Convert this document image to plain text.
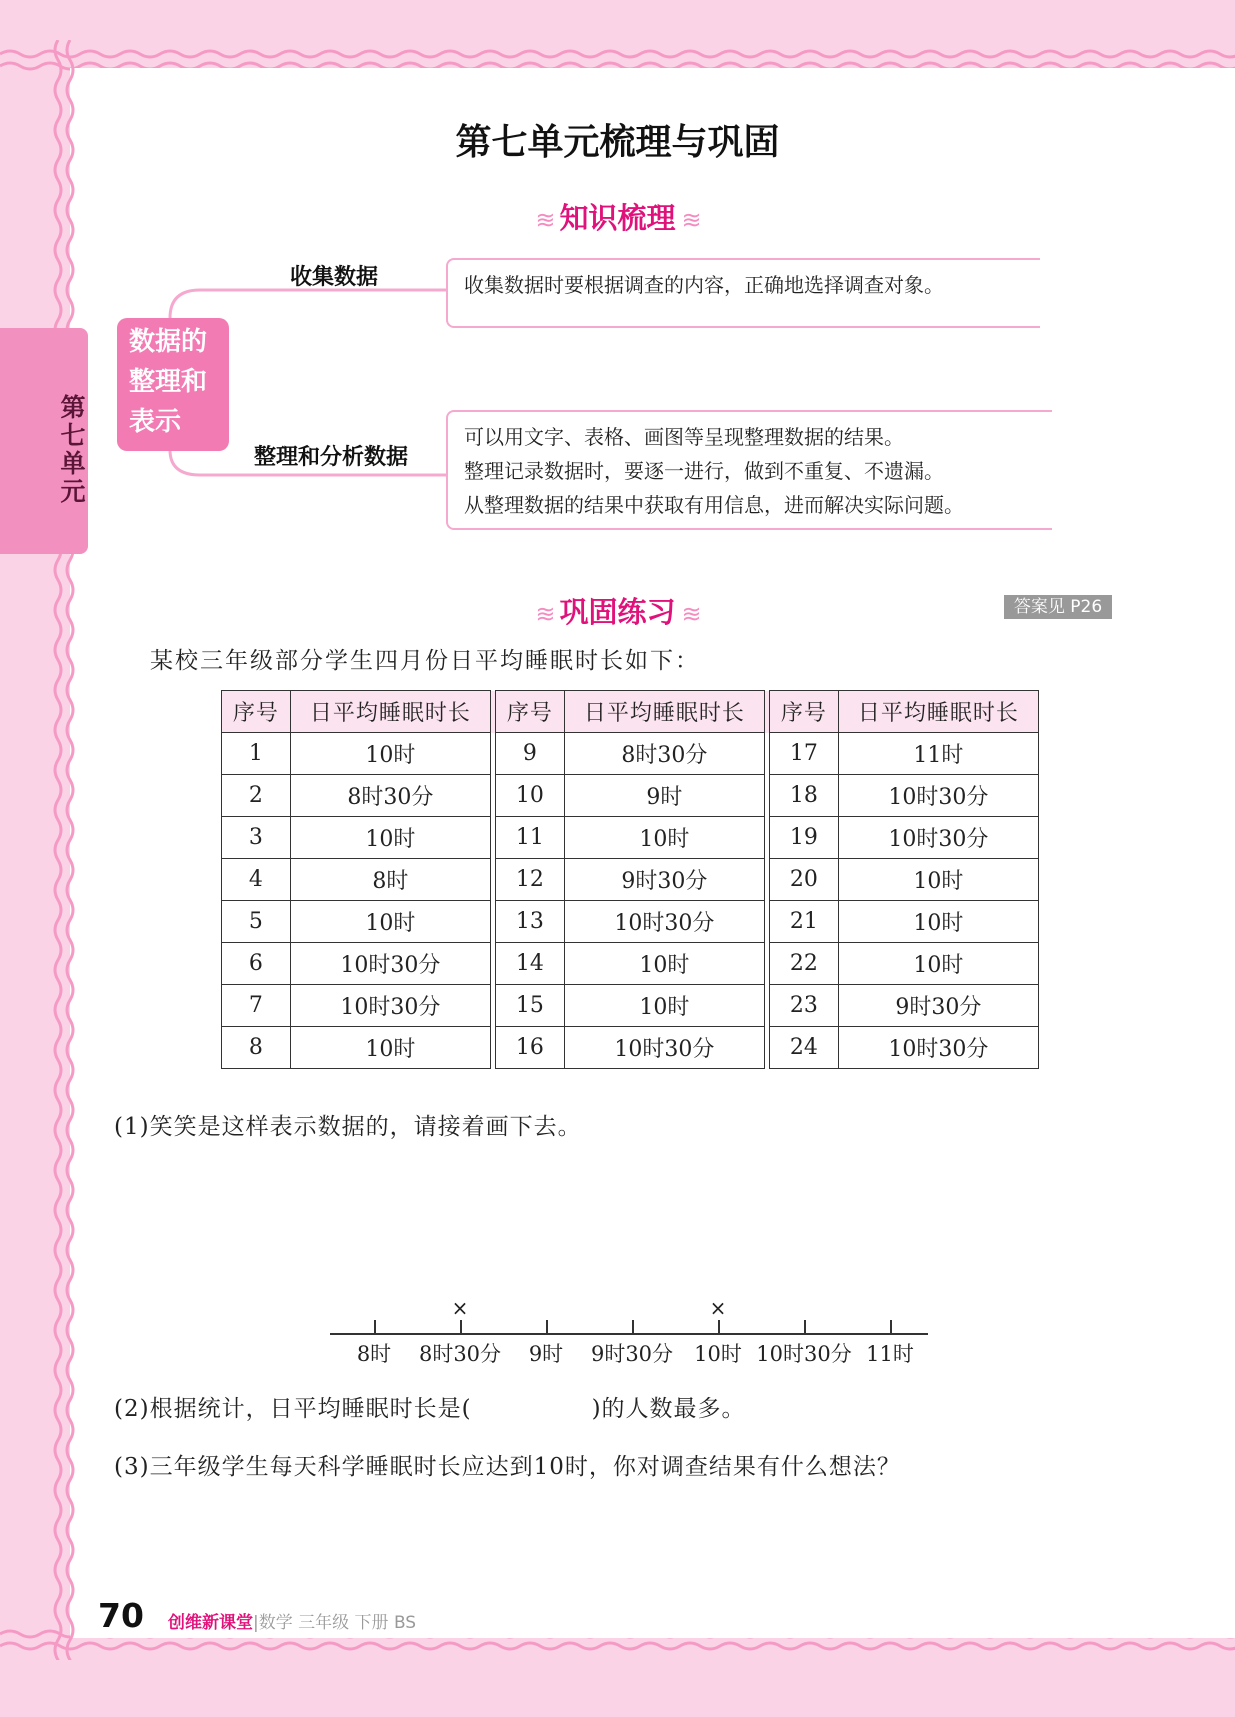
第七单元
第七单元梳理与巩固
≋ 知识梳理 ≋
数据的整理和表示
收集数据	收集数据时要根据调查的内容，正确地选择调查对象。
整理和分析数据
可以用文字、表格、画图等呈现整理数据的结果。
整理记录数据时，要逐一进行，做到不重复、不遗漏。
从整理数据的结果中获取有用信息，进而解决实际问题。
≋ 巩固练习 ≋	答案见 P26
某校三年级部分学生四月份日平均睡眠时长如下：
序号	日平均睡眠时长		序号	日平均睡眠时长		序号	日平均睡眠时长
1	10时		9	8时30分		17	11时
2	8时30分		10	9时		18	10时30分
3	10时		11	10时		19	10时30分
4	8时		12	9时30分		20	10时
5	10时		13	10时30分		21	10时
6	10时30分		14	10时		22	10时
7	10时30分		15	10时		23	9时30分
8	10时		16	10时30分		24	10时30分
(1)笑笑是这样表示数据的，请接着画下去。
8时 8时30分 9时 9时30分 10时 10时30分 11时
×	×
(2)根据统计，日平均睡眠时长是(	)的人数最多。
(3)三年级学生每天科学睡眠时长应达到10时，你对调查结果有什么想法？
70 创维新课堂|数学 三年级 下册 BS
